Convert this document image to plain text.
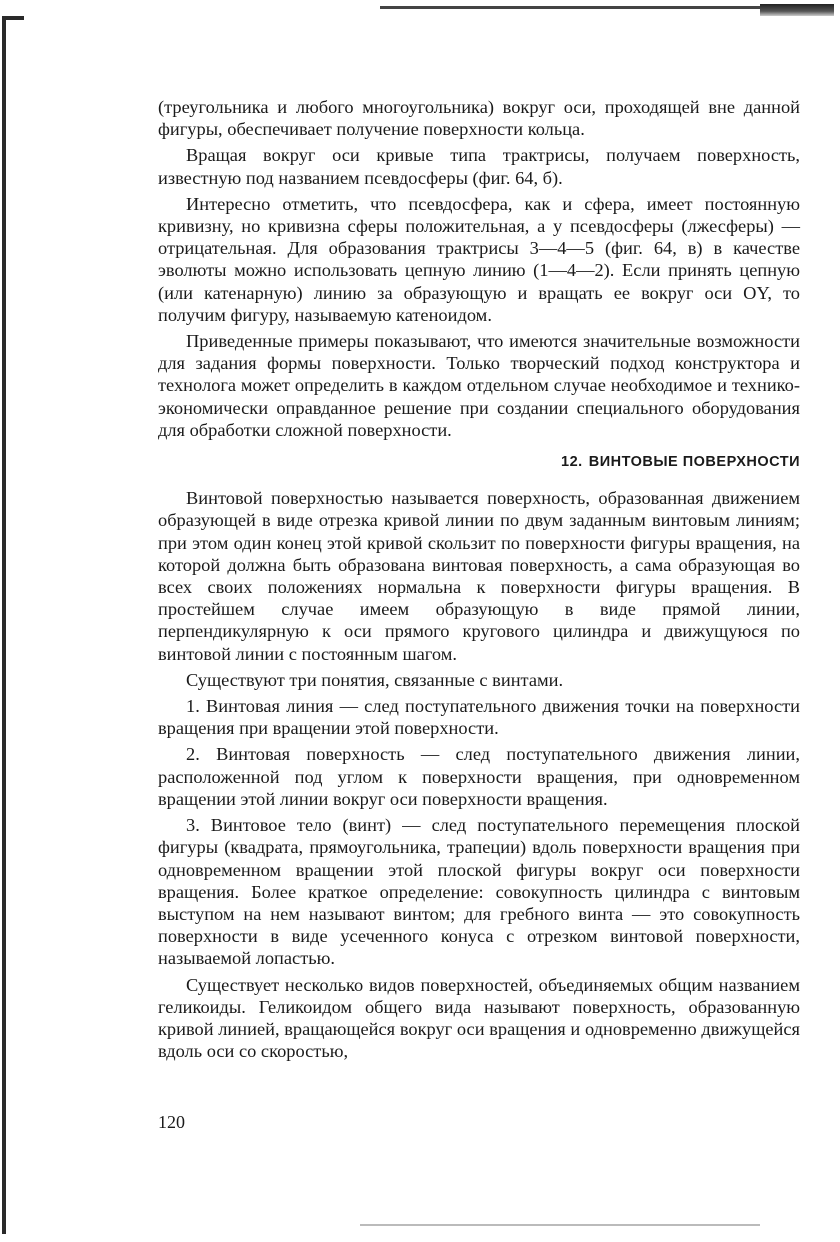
(треугольника и любого многоугольника) вокруг оси, проходящей вне данной фигуры, обеспечивает получение поверхности кольца.

Вращая вокруг оси кривые типа трактрисы, получаем поверхность, известную под названием псевдосферы (фиг. 64, б).

Интересно отметить, что псевдосфера, как и сфера, имеет постоянную кривизну, но кривизна сферы положительная, а у псевдосферы (лжесферы) — отрицательная. Для образования трактрисы 3—4—5 (фиг. 64, в) в качестве эволюты можно использовать цепную линию (1—4—2). Если принять цепную (или катенарную) линию за образующую и вращать ее вокруг оси OY, то получим фигуру, называемую катеноидом.

Приведенные примеры показывают, что имеются значительные возможности для задания формы поверхности. Только творческий подход конструктора и технолога может определить в каждом отдельном случае необходимое и технико-экономически оправданное решение при создании специального оборудования для обработки сложной поверхности.

12. ВИНТОВЫЕ ПОВЕРХНОСТИ

Винтовой поверхностью называется поверхность, образованная движением образующей в виде отрезка кривой линии по двум заданным винтовым линиям; при этом один конец этой кривой скользит по поверхности фигуры вращения, на которой должна быть образована винтовая поверхность, а сама образующая во всех своих положениях нормальна к поверхности фигуры вращения. В простейшем случае имеем образующую в виде прямой линии, перпендикулярную к оси прямого кругового цилиндра и движущуюся по винтовой линии с постоянным шагом.

Существуют три понятия, связанные с винтами.

1. Винтовая линия — след поступательного движения точки на поверхности вращения при вращении этой поверхности.

2. Винтовая поверхность — след поступательного движения линии, расположенной под углом к поверхности вращения, при одновременном вращении этой линии вокруг оси поверхности вращения.

3. Винтовое тело (винт) — след поступательного перемещения плоской фигуры (квадрата, прямоугольника, трапеции) вдоль поверхности вращения при одновременном вращении этой плоской фигуры вокруг оси поверхности вращения. Более краткое определение: совокупность цилиндра с винтовым выступом на нем называют винтом; для гребного винта — это совокупность поверхности в виде усеченного конуса с отрезком винтовой поверхности, называемой лопастью.

Существует несколько видов поверхностей, объединяемых общим названием геликоиды. Геликоидом общего вида называют поверхность, образованную кривой линией, вращающейся вокруг оси вращения и одновременно движущейся вдоль оси со скоростью,

120
